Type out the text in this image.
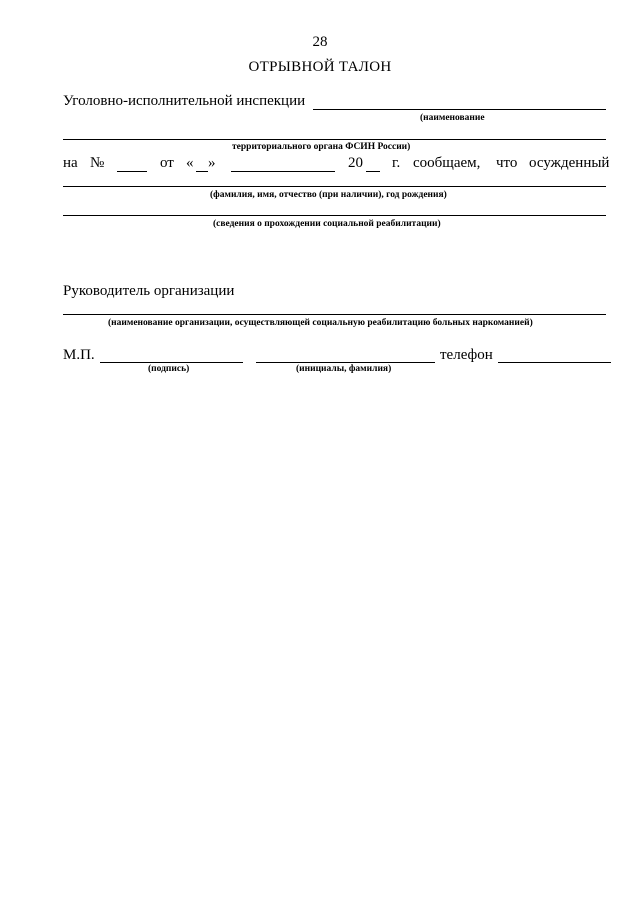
28
ОТРЫВНОЙ ТАЛОН
Уголовно-исполнительной инспекции
(наименование
территориального органа ФСИН России)
на №	от « »	20 г. сообщаем, что осужденный
(фамилия, имя, отчество (при наличии), год рождения)
(сведения о прохождении социальной реабилитации)
Руководитель организации
(наименование организации, осуществляющей социальную реабилитацию больных наркоманией)
М.П.
(подпись)	(инициалы, фамилия)
телефон
